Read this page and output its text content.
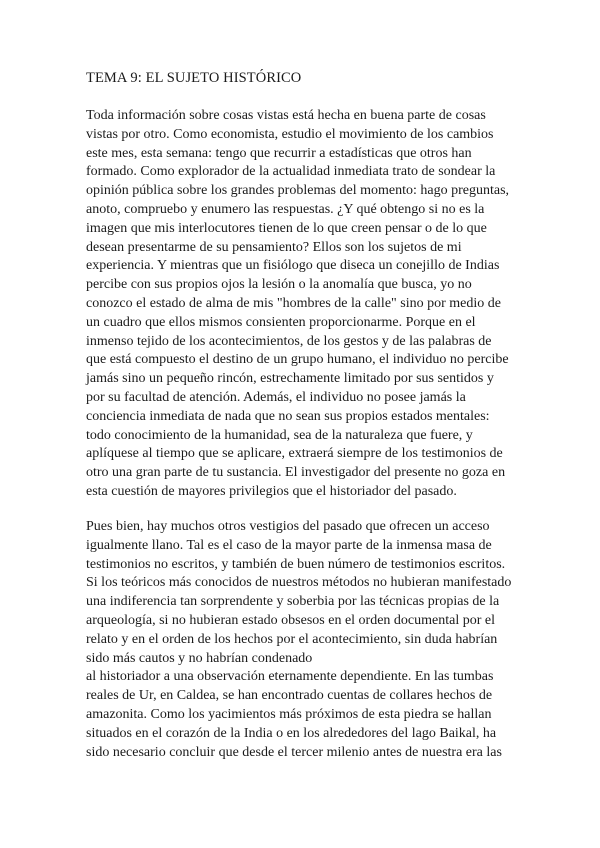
TEMA 9: EL SUJETO HISTÓRICO

Toda información sobre cosas vistas está hecha en buena parte de cosas
vistas por otro. Como economista, estudio el movimiento de los cambios
este mes, esta semana: tengo que recurrir a estadísticas que otros han
formado. Como explorador de la actualidad inmediata trato de sondear la
opinión pública sobre los grandes problemas del momento: hago preguntas,
anoto, compruebo y enumero las respuestas. ¿Y qué obtengo si no es la
imagen que mis interlocutores tienen de lo que creen pensar o de lo que
desean presentarme de su pensamiento? Ellos son los sujetos de mi
experiencia. Y mientras que un fisiólogo que diseca un conejillo de Indias
percibe con sus propios ojos la lesión o la anomalía que busca, yo no
conozco el estado de alma de mis "hombres de la calle" sino por medio de
un cuadro que ellos mismos consienten proporcionarme. Porque en el
inmenso tejido de los acontecimientos, de los gestos y de las palabras de
que está compuesto el destino de un grupo humano, el individuo no percibe
jamás sino un pequeño rincón, estrechamente limitado por sus sentidos y
por su facultad de atención. Además, el individuo no posee jamás la
conciencia inmediata de nada que no sean sus propios estados mentales:
todo conocimiento de la humanidad, sea de la naturaleza que fuere, y
aplíquese al tiempo que se aplicare, extraerá siempre de los testimonios de
otro una gran parte de tu sustancia. El investigador del presente no goza en
esta cuestión de mayores privilegios que el historiador del pasado.

Pues bien, hay muchos otros vestigios del pasado que ofrecen un acceso
igualmente llano. Tal es el caso de la mayor parte de la inmensa masa de
testimonios no escritos, y también de buen número de testimonios escritos.
Si los teóricos más conocidos de nuestros métodos no hubieran manifestado
una indiferencia tan sorprendente y soberbia por las técnicas propias de la
arqueología, si no hubieran estado obsesos en el orden documental por el
relato y en el orden de los hechos por el acontecimiento, sin duda habrían
sido más cautos y no habrían condenado
al historiador a una observación eternamente dependiente. En las tumbas
reales de Ur, en Caldea, se han encontrado cuentas de collares hechos de
amazonita. Como los yacimientos más próximos de esta piedra se hallan
situados en el corazón de la India o en los alrededores del lago Baikal, ha
sido necesario concluir que desde el tercer milenio antes de nuestra era las
